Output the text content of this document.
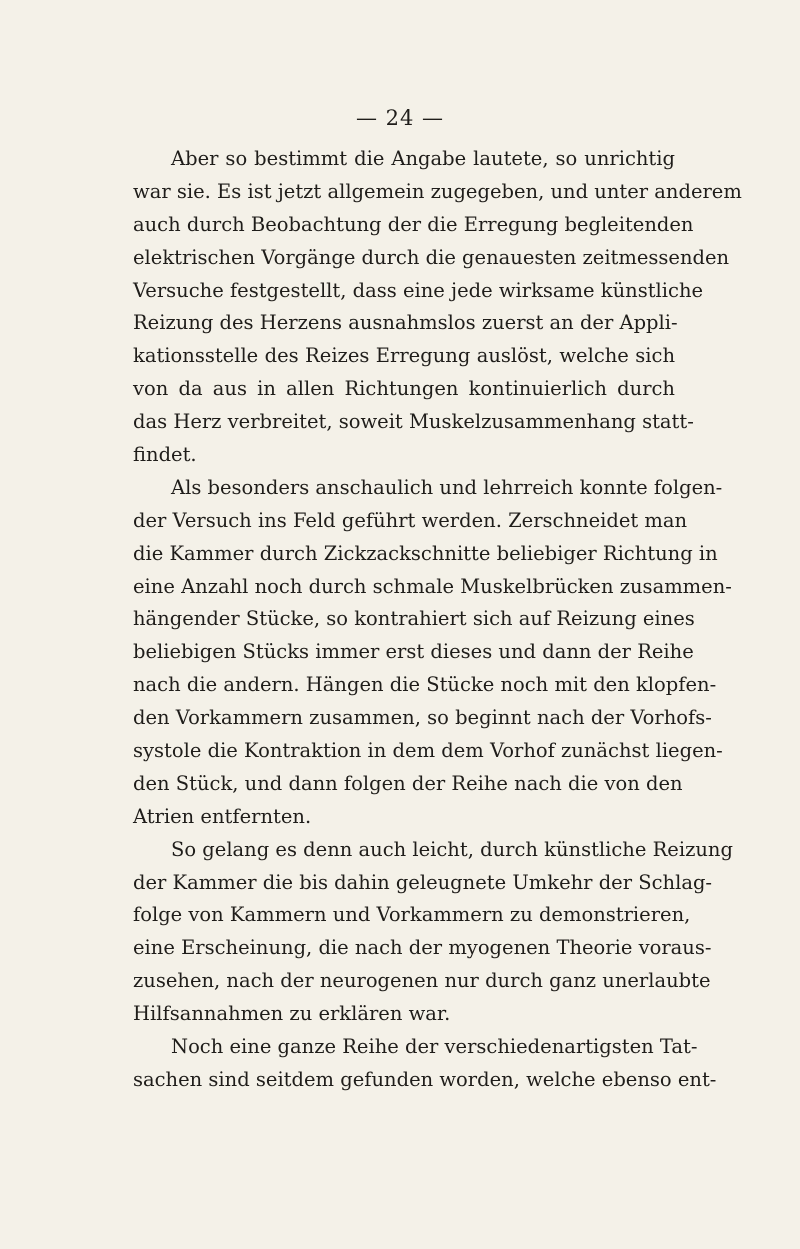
— 24 —
Aber so bestimmt die Angabe lautete, so unrichtig
war sie. Es ist jetzt allgemein zugegeben, und unter anderem
auch durch Beobachtung der die Erregung begleitenden
elektrischen Vorgänge durch die genauesten zeitmessenden
Versuche festgestellt, dass eine jede wirksame künstliche
Reizung des Herzens ausnahmslos zuerst an der Appli-
kationsstelle des Reizes Erregung auslöst, welche sich
von da aus in allen Richtungen kontinuierlich durch
das Herz verbreitet, soweit Muskelzusammenhang statt-
findet.
Als besonders anschaulich und lehrreich konnte folgen-
der Versuch ins Feld geführt werden. Zerschneidet man
die Kammer durch Zickzackschnitte beliebiger Richtung in
eine Anzahl noch durch schmale Muskelbrücken zusammen-
hängender Stücke, so kontrahiert sich auf Reizung eines
beliebigen Stücks immer erst dieses und dann der Reihe
nach die andern. Hängen die Stücke noch mit den klopfen-
den Vorkammern zusammen, so beginnt nach der Vorhofs-
systole die Kontraktion in dem dem Vorhof zunächst liegen-
den Stück, und dann folgen der Reihe nach die von den
Atrien entfernten.
So gelang es denn auch leicht, durch künstliche Reizung
der Kammer die bis dahin geleugnete Umkehr der Schlag-
folge von Kammern und Vorkammern zu demonstrieren,
eine Erscheinung, die nach der myogenen Theorie voraus-
zusehen, nach der neurogenen nur durch ganz unerlaubte
Hilfsannahmen zu erklären war.
Noch eine ganze Reihe der verschiedenartigsten Tat-
sachen sind seitdem gefunden worden, welche ebenso ent-
